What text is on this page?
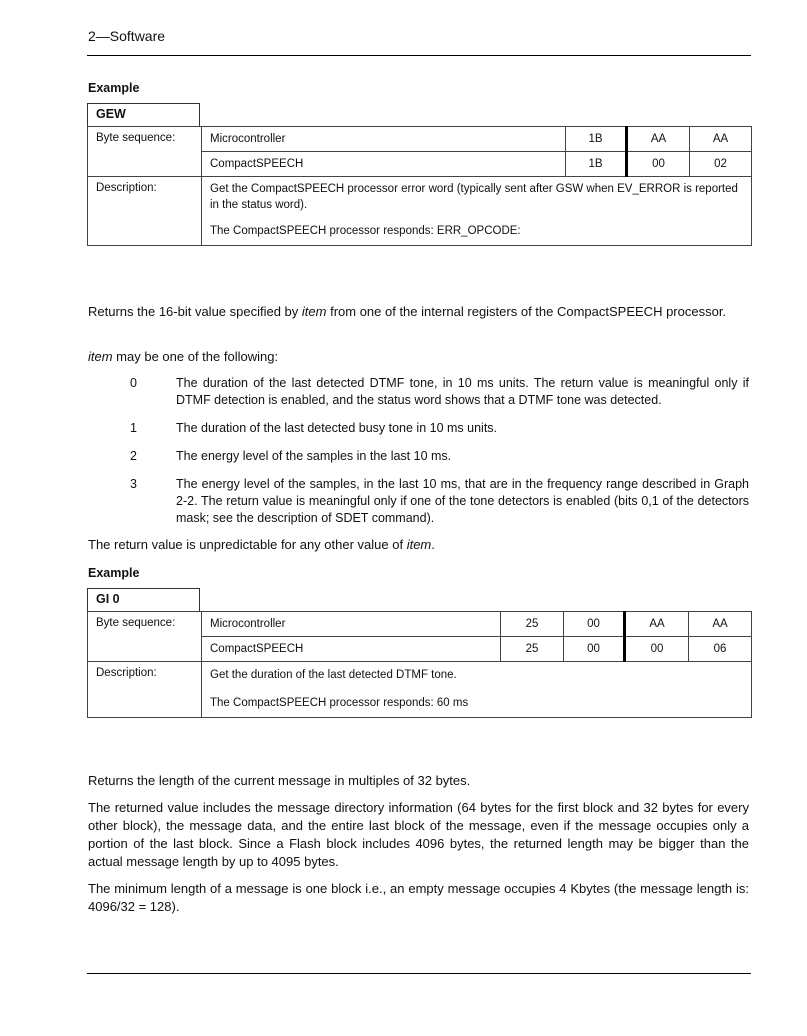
2—Software
Example
GEW
Byte sequence:	Microcontroller	1B	AA	AA
	CompactSPEECH	1B	00	02
Description:	Get the CompactSPEECH processor error word (typically sent after GSW when EV_ERROR is reported in the status word).

The CompactSPEECH processor responds: ERR_OPCODE:			

Returns the 16-bit value specified by item from one of the internal registers of the CompactSPEECH processor.

item may be one of the following:

0	The duration of the last detected DTMF tone, in 10 ms units. The return value is meaningful only if DTMF detection is enabled, and the status word shows that a DTMF tone was detected.
1	The duration of the last detected busy tone in 10 ms units.
2	The energy level of the samples in the last 10 ms.
3	The energy level of the samples, in the last 10 ms, that are in the frequency range described in Graph 2-2. The return value is meaningful only if one of the tone detectors is enabled (bits 0,1 of the detectors mask; see the description of SDET command).

The return value is unpredictable for any other value of item.

Example
GI 0
Byte sequence:	Microcontroller	25	00	AA	AA
	CompactSPEECH	25	00	00	06
Description:	Get the duration of the last detected DTMF tone.

The CompactSPEECH processor responds: 60 ms				

Returns the length of the current message in multiples of 32 bytes.

The returned value includes the message directory information (64 bytes for the first block and 32 bytes for every other block), the message data, and the entire last block of the message, even if the message occupies only a portion of the last block. Since a Flash block includes 4096 bytes, the returned length may be bigger than the actual message length by up to 4095 bytes.

The minimum length of a message is one block i.e., an empty message occupies 4 Kbytes (the message length is: 4096/32 = 128).
